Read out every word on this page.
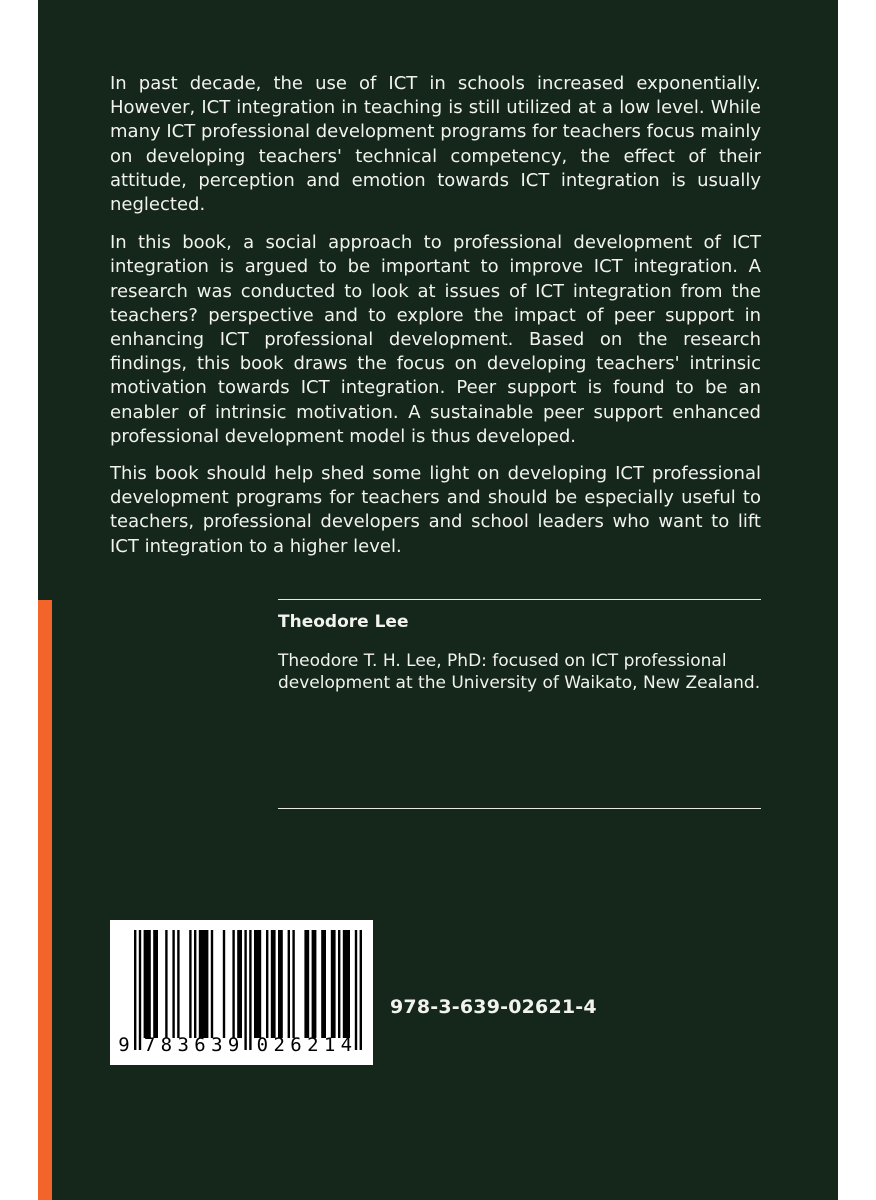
In past decade, the use of ICT in schools increased exponentially. However, ICT integration in teaching is still utilized at a low level. While many ICT professional development programs for teachers focus mainly on developing teachers' technical competency, the effect of their attitude, perception and emotion towards ICT integration is usually neglected.

In this book, a social approach to professional development of ICT integration is argued to be important to improve ICT integration. A research was conducted to look at issues of ICT integration from the teachers? perspective and to explore the impact of peer support in enhancing ICT professional development. Based on the research findings, this book draws the focus on developing teachers' intrinsic motivation towards ICT integration. Peer support is found to be an enabler of intrinsic motivation. A sustainable peer support enhanced professional development model is thus developed.

This book should help shed some light on developing ICT professional development programs for teachers and should be especially useful to teachers, professional developers and school leaders who want to lift ICT integration to a higher level.

Theodore Lee
Theodore T. H. Lee, PhD: focused on ICT professional development at the University of Waikato, New Zealand.
9 7 8 3 6 3 9 0 2 6 2 1 4
978-3-639-02621-4
